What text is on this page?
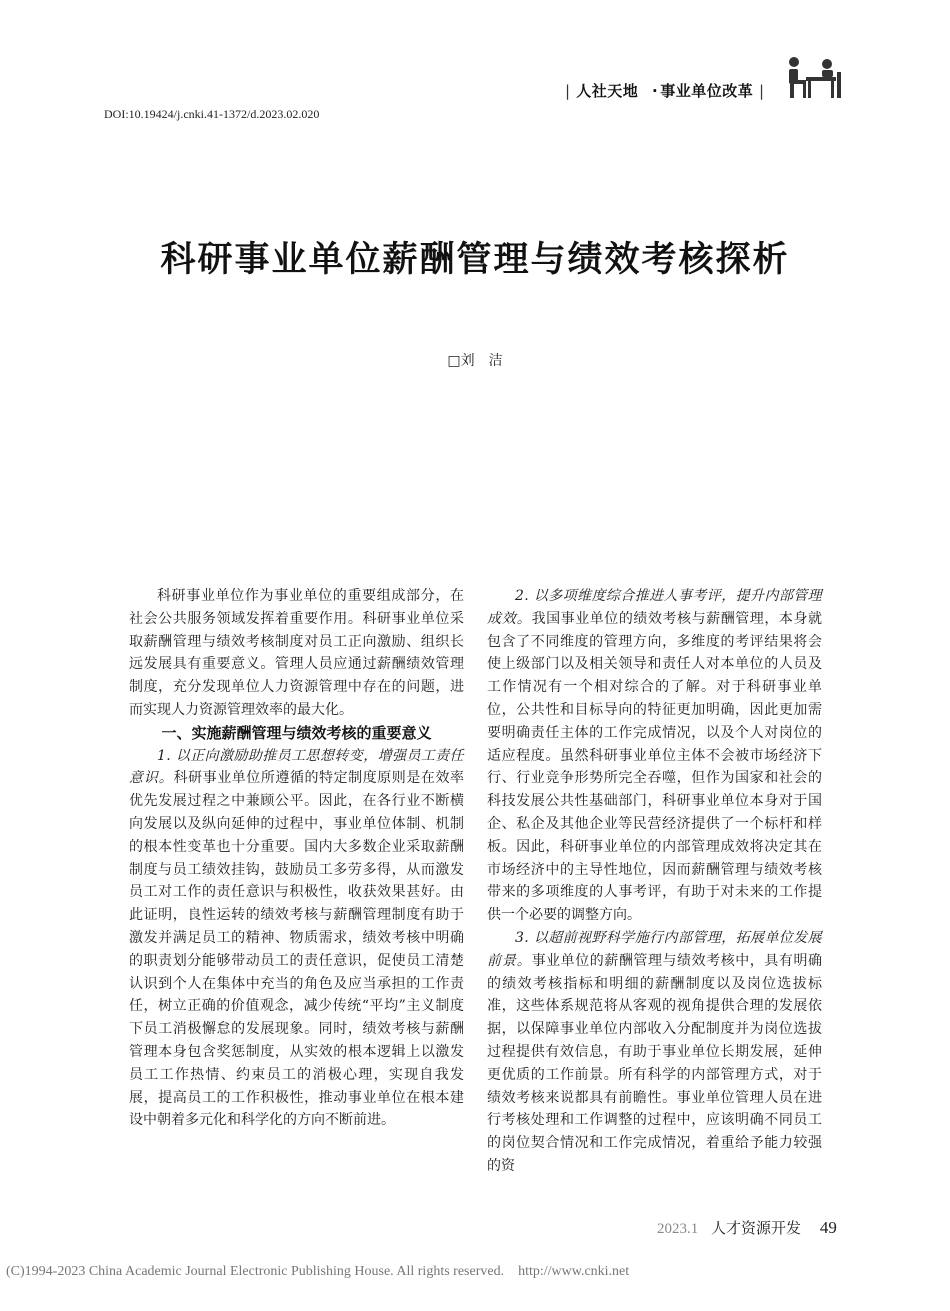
| 人社天地 · 事业单位改革 |
DOI:10.19424/j.cnki.41-1372/d.2023.02.020
科研事业单位薪酬管理与绩效考核探析
□刘　洁

科研事业单位作为事业单位的重要组成部分，在社会公共服务领域发挥着重要作用。科研事业单位采取薪酬管理与绩效考核制度对员工正向激励、组织长远发展具有重要意义。管理人员应通过薪酬绩效管理制度，充分发现单位人力资源管理中存在的问题，进而实现人力资源管理效率的最大化。

一、实施薪酬管理与绩效考核的重要意义

1. 以正向激励助推员工思想转变，增强员工责任意识。科研事业单位所遵循的特定制度原则是在效率优先发展过程之中兼顾公平。因此，在各行业不断横向发展以及纵向延伸的过程中，事业单位体制、机制的根本性变革也十分重要。国内大多数企业采取薪酬制度与员工绩效挂钩，鼓励员工多劳多得，从而激发员工对工作的责任意识与积极性，收获效果甚好。由此证明，良性运转的绩效考核与薪酬管理制度有助于激发并满足员工的精神、物质需求，绩效考核中明确的职责划分能够带动员工的责任意识，促使员工清楚认识到个人在集体中充当的角色及应当承担的工作责任，树立正确的价值观念，减少传统“平均”主义制度下员工消极懈怠的发展现象。同时，绩效考核与薪酬管理本身包含奖惩制度，从实效的根本逻辑上以激发员工工作热情、约束员工的消极心理，实现自我发展，提高员工的工作积极性，推动事业单位在根本建设中朝着多元化和科学化的方向不断前进。

2. 以多项维度综合推进人事考评，提升内部管理成效。我国事业单位的绩效考核与薪酬管理，本身就包含了不同维度的管理方向，多维度的考评结果将会使上级部门以及相关领导和责任人对本单位的人员及工作情况有一个相对综合的了解。对于科研事业单位，公共性和目标导向的特征更加明确，因此更加需要明确责任主体的工作完成情况，以及个人对岗位的适应程度。虽然科研事业单位主体不会被市场经济下行、行业竞争形势所完全吞噬，但作为国家和社会的科技发展公共性基础部门，科研事业单位本身对于国企、私企及其他企业等民营经济提供了一个标杆和样板。因此，科研事业单位的内部管理成效将决定其在市场经济中的主导性地位，因而薪酬管理与绩效考核带来的多项维度的人事考评，有助于对未来的工作提供一个必要的调整方向。

3. 以超前视野科学施行内部管理，拓展单位发展前景。事业单位的薪酬管理与绩效考核中，具有明确的绩效考核指标和明细的薪酬制度以及岗位选拔标准，这些体系规范将从客观的视角提供合理的发展依据，以保障事业单位内部收入分配制度并为岗位选拔过程提供有效信息，有助于事业单位长期发展，延伸更优质的工作前景。所有科学的内部管理方式，对于绩效考核来说都具有前瞻性。事业单位管理人员在进行考核处理和工作调整的过程中，应该明确不同员工的岗位契合情况和工作完成情况，着重给予能力较强的资

2023.1 人才资源开发 49
(C)1994-2023 China Academic Journal Electronic Publishing House. All rights reserved.    http://www.cnki.net
